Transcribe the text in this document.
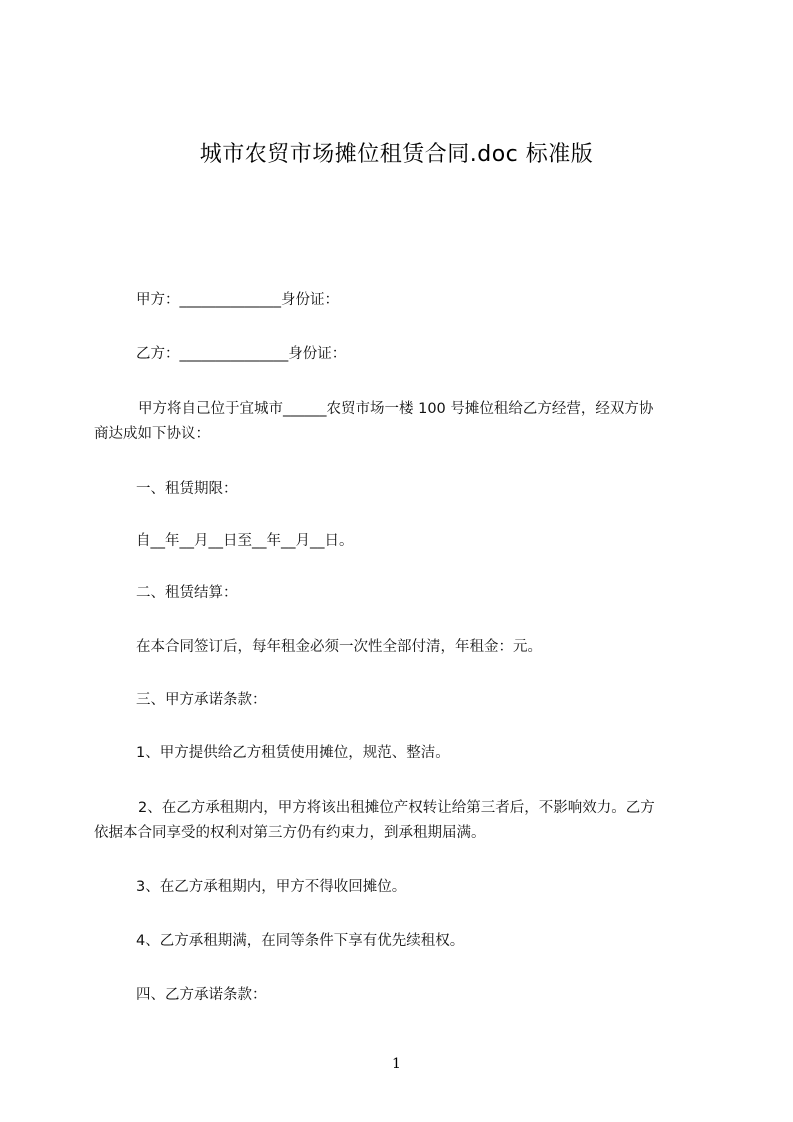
城市农贸市场摊位租赁合同.doc 标准版
甲方：______________身份证：
乙方：_______________身份证：
甲方将自己位于宜城市______农贸市场一楼 100 号摊位租给乙方经营，经双方协
商达成如下协议：
一、租赁期限：
自__年__月__日至__年__月__日。
二、租赁结算：
在本合同签订后，每年租金必须一次性全部付清，年租金：元。
三、甲方承诺条款：
1、甲方提供给乙方租赁使用摊位，规范、整洁。
2、在乙方承租期内，甲方将该出租摊位产权转让给第三者后，不影响效力。乙方
依据本合同享受的权利对第三方仍有约束力，到承租期届满。
3、在乙方承租期内，甲方不得收回摊位。
4、乙方承租期满，在同等条件下享有优先续租权。
四、乙方承诺条款：
1
